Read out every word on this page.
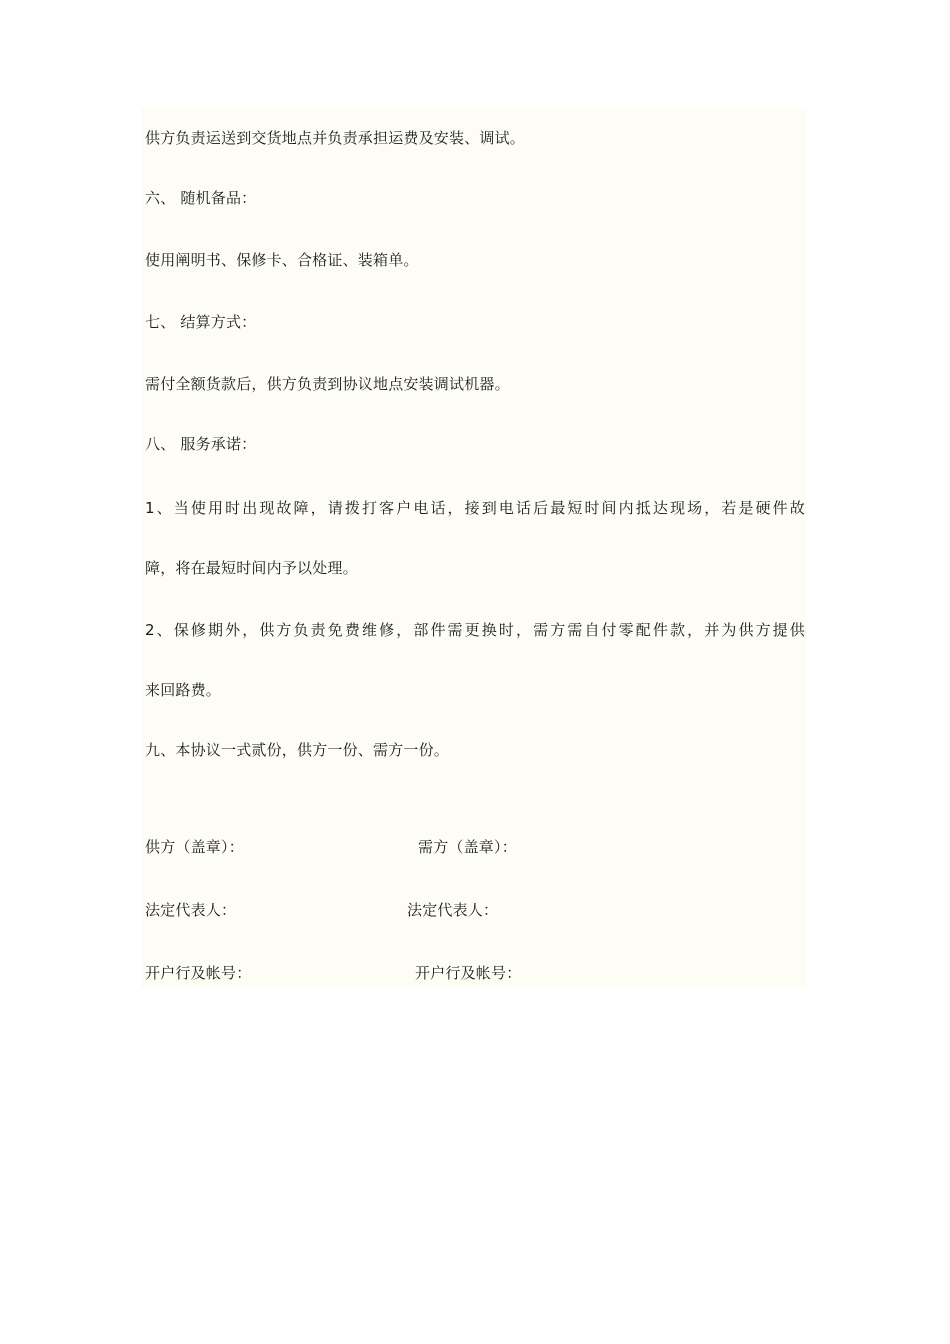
供方负责运送到交货地点并负责承担运费及安装、调试。

六、 随机备品：

使用阐明书、保修卡、合格证、装箱单。

七、 结算方式：

需付全额货款后，供方负责到协议地点安装调试机器。

八、 服务承诺：

1、当使用时出现故障，请拨打客户电话，接到电话后最短时间内抵达现场，若是硬件故

障，将在最短时间内予以处理。

2、保修期外，供方负责免费维修，部件需更换时，需方需自付零配件款，并为供方提供

来回路费。

九、本协议一式贰份，供方一份、需方一份。

供方（盖章）：	需方（盖章）：

法定代表人：	法定代表人：

开户行及帐号：	开户行及帐号：
